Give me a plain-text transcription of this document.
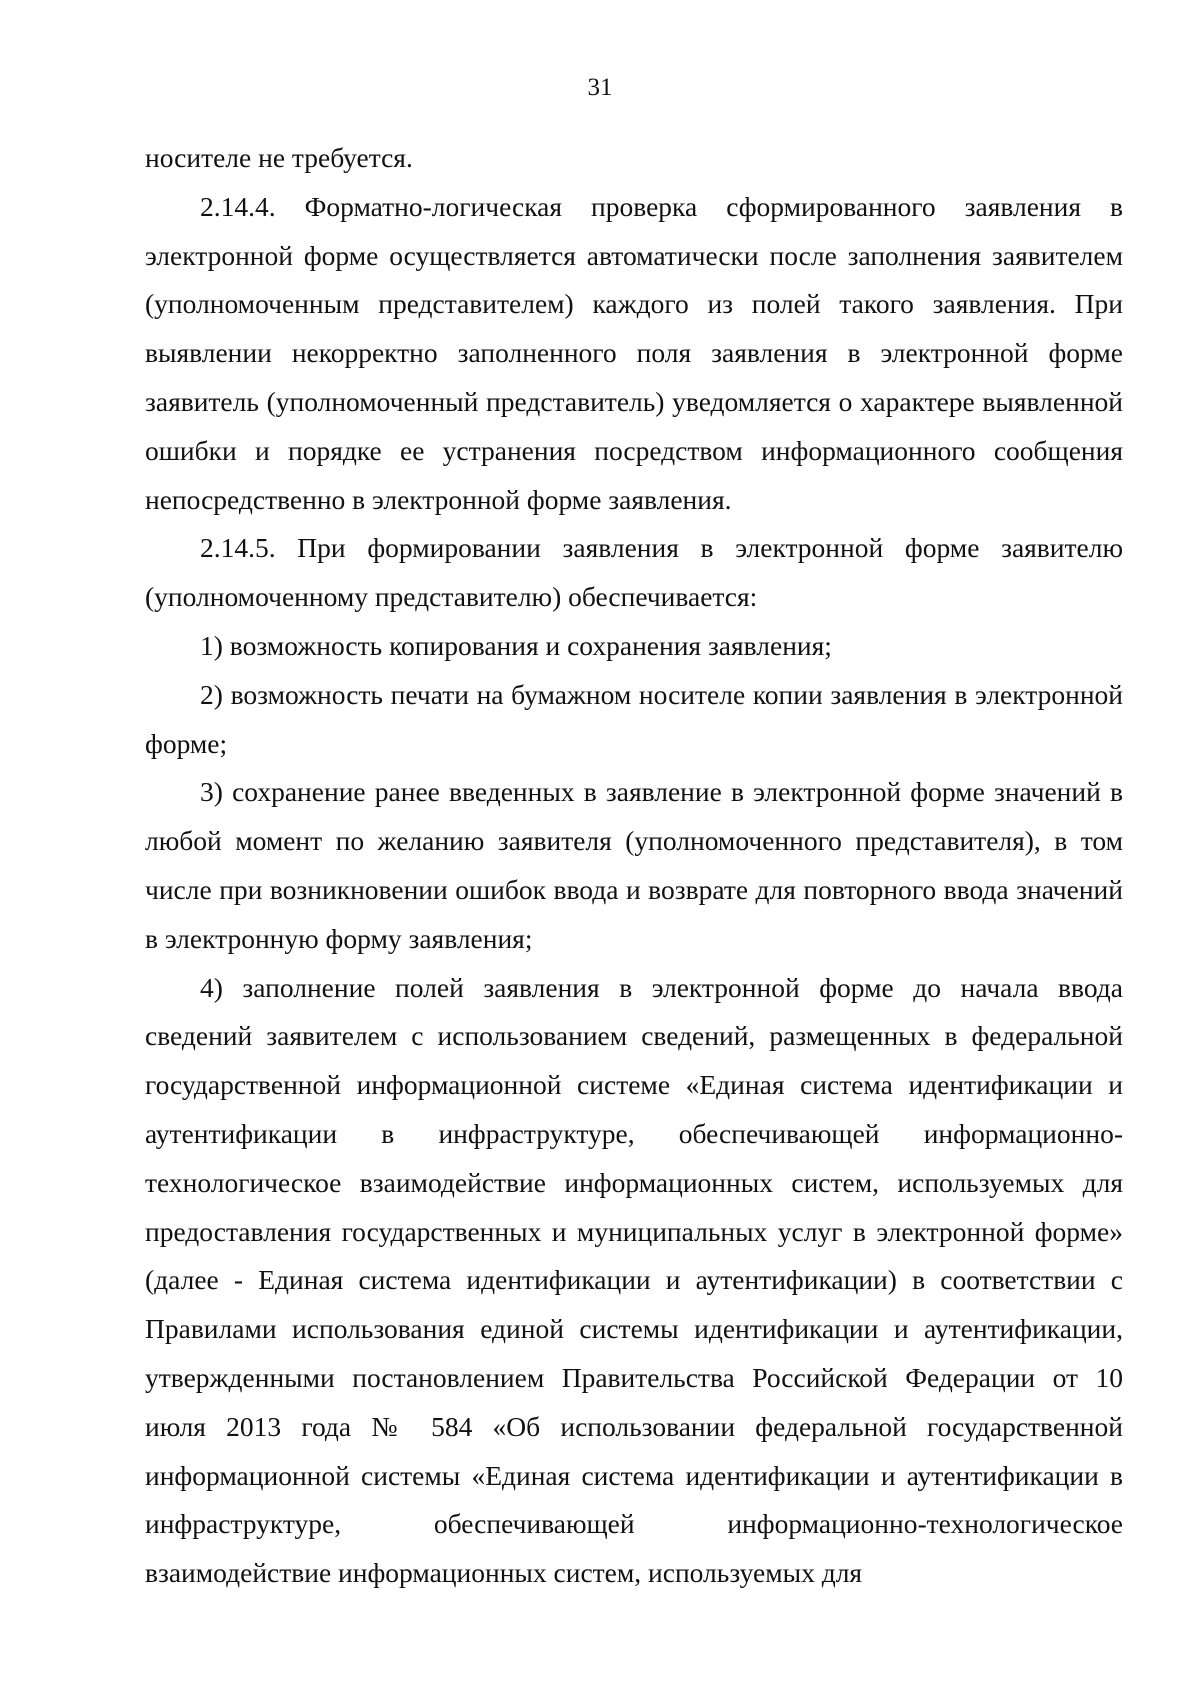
31

носителе не требуется.

2.14.4. Форматно-логическая проверка сформированного заявления в электронной форме осуществляется автоматически после заполнения заявителем (уполномоченным представителем) каждого из полей такого заявления. При выявлении некорректно заполненного поля заявления в электронной форме заявитель (уполномоченный представитель) уведомляется о характере выявленной ошибки и порядке ее устранения посредством информационного сообщения непосредственно в электронной форме заявления.

2.14.5. При формировании заявления в электронной форме заявителю (уполномоченному представителю) обеспечивается:

1) возможность копирования и сохранения заявления;

2) возможность печати на бумажном носителе копии заявления в электронной форме;

3) сохранение ранее введенных в заявление в электронной форме значений в любой момент по желанию заявителя (уполномоченного представителя), в том числе при возникновении ошибок ввода и возврате для повторного ввода значений в электронную форму заявления;

4) заполнение полей заявления в электронной форме до начала ввода сведений заявителем с использованием сведений, размещенных в федеральной государственной информационной системе «Единая система идентификации и аутентификации в инфраструктуре, обеспечивающей информационно-технологическое взаимодействие информационных систем, используемых для предоставления государственных и муниципальных услуг в электронной форме» (далее - Единая система идентификации и аутентификации) в соответствии с Правилами использования единой системы идентификации и аутентификации, утвержденными постановлением Правительства Российской Федерации от 10 июля 2013 года № 584 «Об использовании федеральной государственной информационной системы «Единая система идентификации и аутентификации в инфраструктуре, обеспечивающей информационно-технологическое взаимодействие информационных систем, используемых для
